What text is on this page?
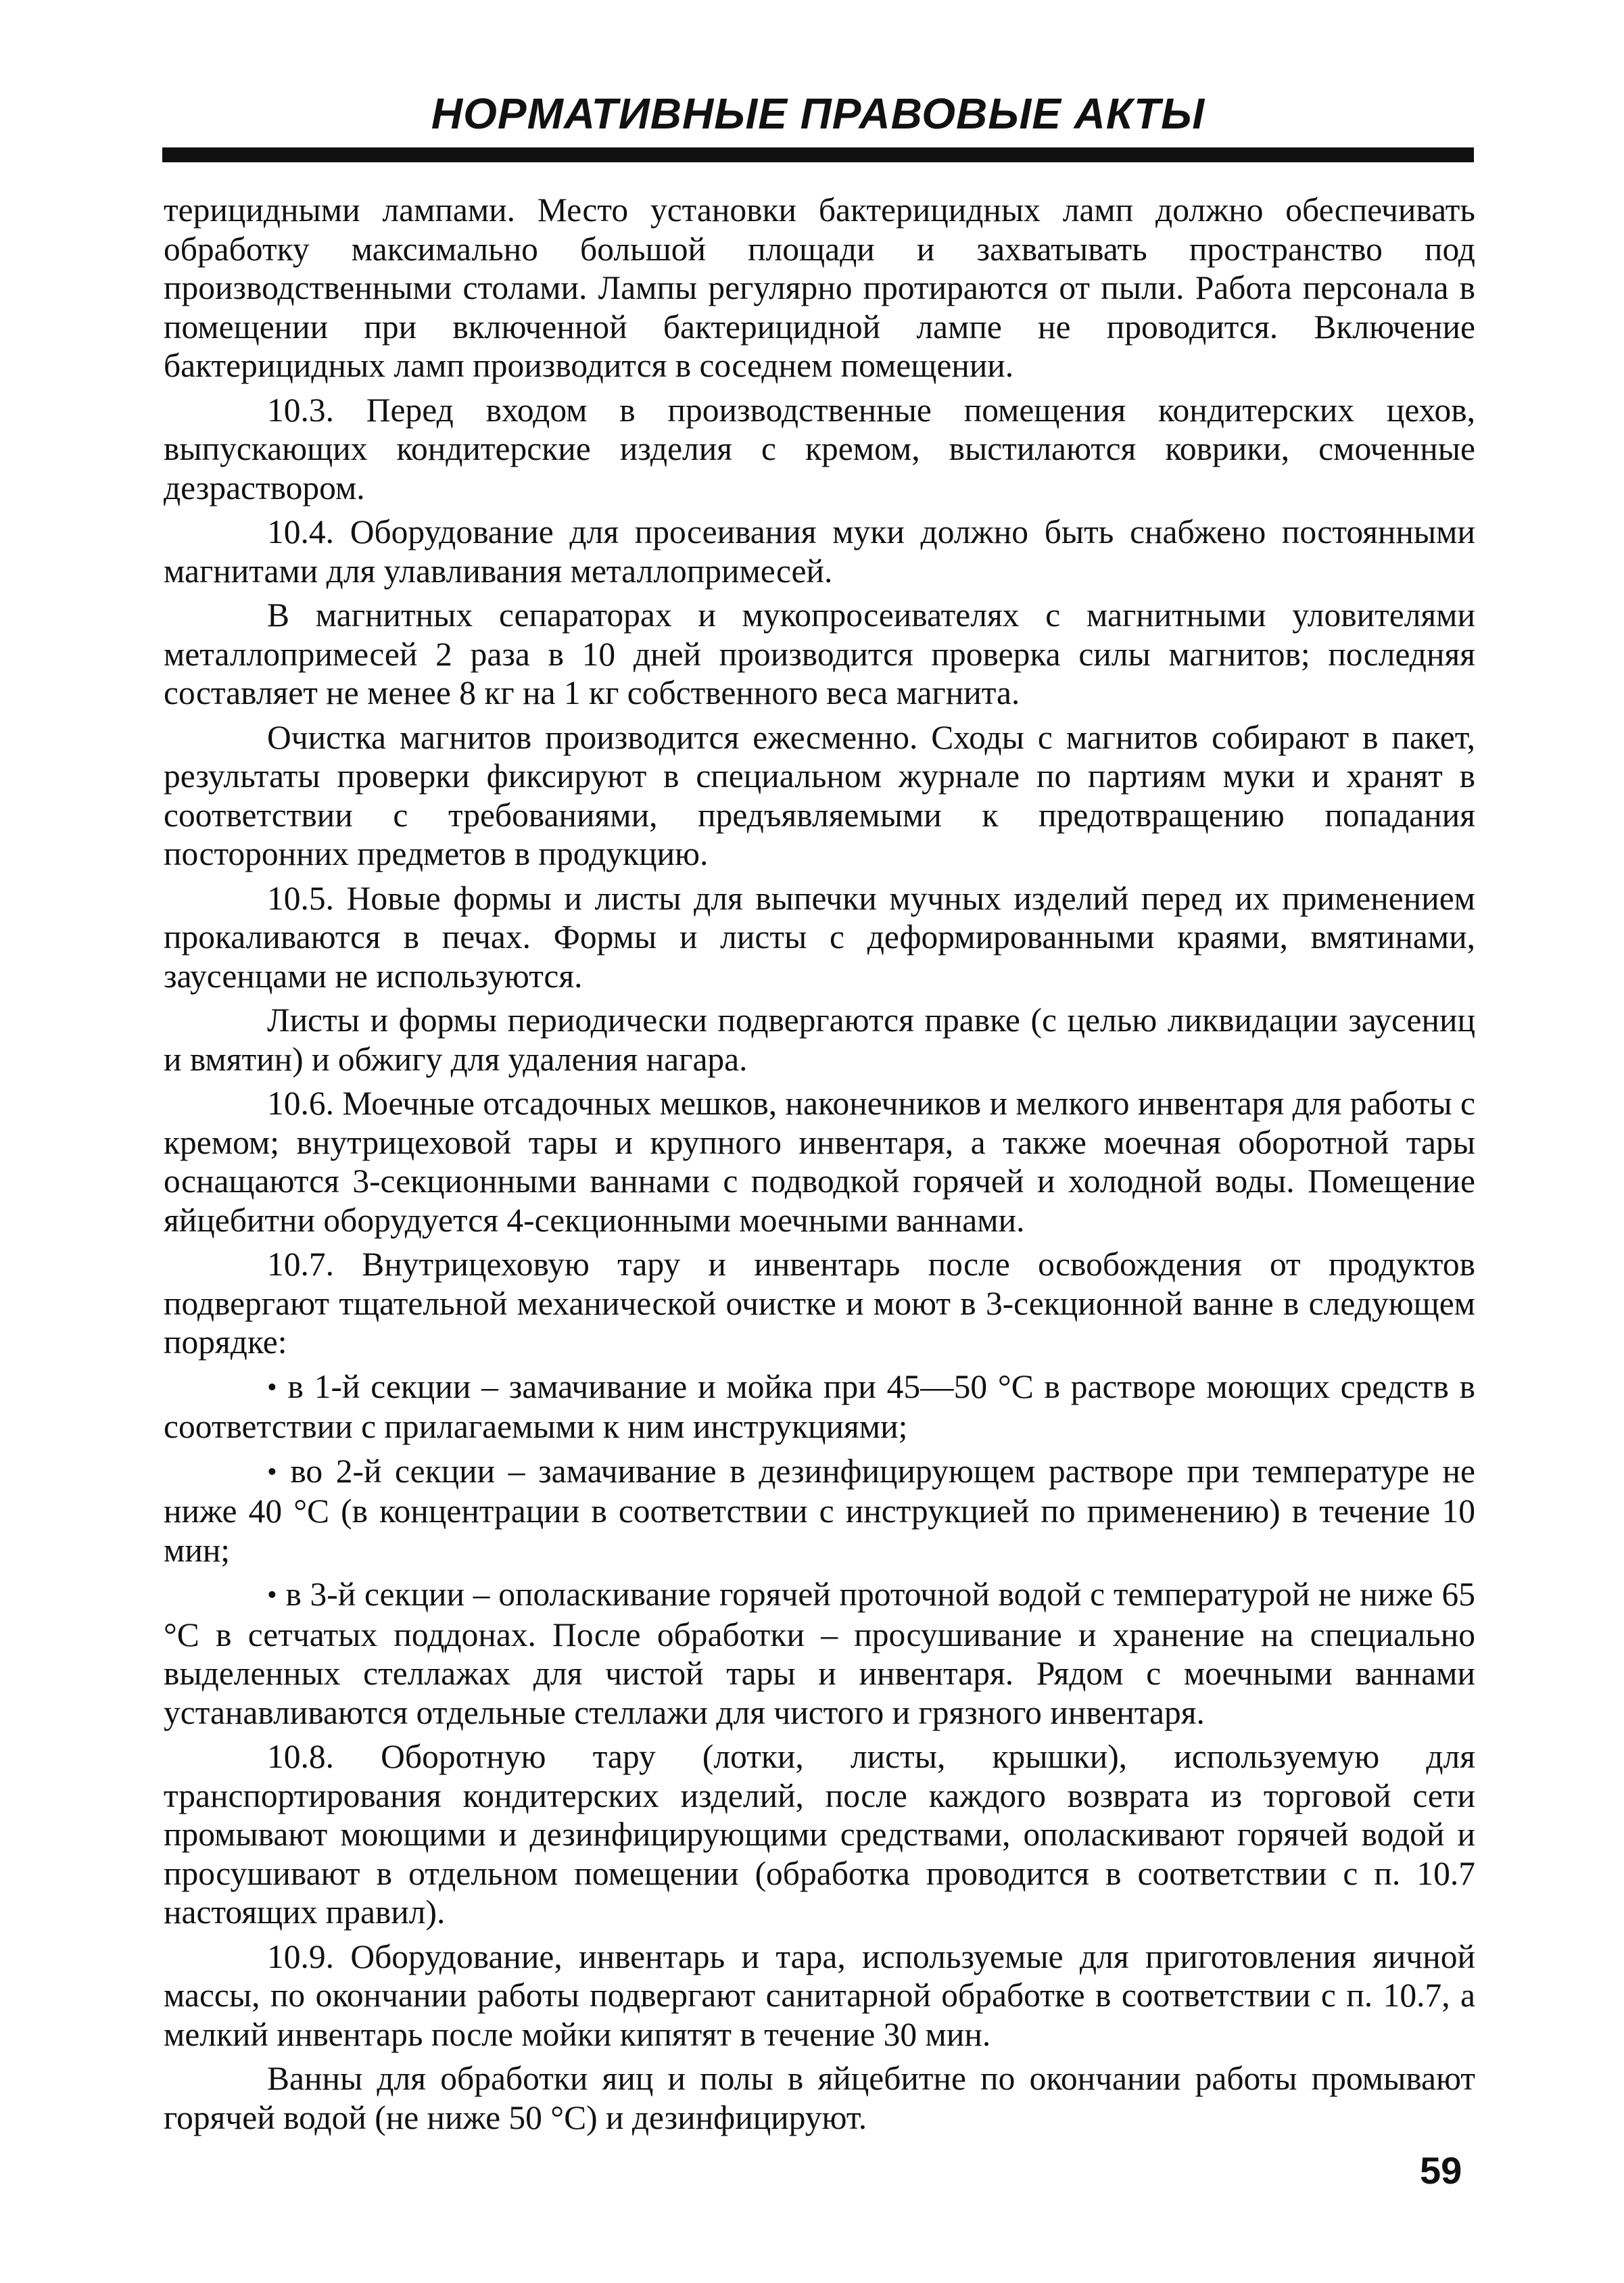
НОРМАТИВНЫЕ ПРАВОВЫЕ АКТЫ

терицидными лампами. Место установки бактерицидных ламп должно обеспечивать обработку максимально большой площади и захватывать пространство под производственными столами. Лампы регулярно протираются от пыли. Работа персонала в помещении при включенной бактерицидной лампе не проводится. Включение бактерицидных ламп производится в соседнем помещении.

10.3. Перед входом в производственные помещения кондитерских цехов, выпускающих кондитерские изделия с кремом, выстилаются коврики, смоченные дезраствором.

10.4. Оборудование для просеивания муки должно быть снабжено постоянными магнитами для улавливания металлопримесей.

В магнитных сепараторах и мукопросеивателях с магнитными уловителями металлопримесей 2 раза в 10 дней производится проверка силы магнитов; последняя составляет не менее 8 кг на 1 кг собственного веса магнита.

Очистка магнитов производится ежесменно. Сходы с магнитов собирают в пакет, результаты проверки фиксируют в специальном журнале по партиям муки и хранят в соответствии с требованиями, предъявляемыми к предотвращению попадания посторонних предметов в продукцию.

10.5. Новые формы и листы для выпечки мучных изделий перед их применением прокаливаются в печах. Формы и листы с деформированными краями, вмятинами, заусенцами не используются.

Листы и формы периодически подвергаются правке (с целью ликвидации заусениц и вмятин) и обжигу для удаления нагара.

10.6. Моечные отсадочных мешков, наконечников и мелкого инвентаря для работы с кремом; внутрицеховой тары и крупного инвентаря, а также моечная оборотной тары оснащаются 3-секционными ваннами с подводкой горячей и холодной воды. Помещение яйцебитни оборудуется 4-секционными моечными ваннами.

10.7. Внутрицеховую тару и инвентарь после освобождения от продуктов подвергают тщательной механической очистке и моют в 3-секционной ванне в следующем порядке:

• в 1-й секции – замачивание и мойка при 45—50 °С в растворе моющих средств в соответствии с прилагаемыми к ним инструкциями;

• во 2-й секции – замачивание в дезинфицирующем растворе при температуре не ниже 40 °С (в концентрации в соответствии с инструкцией по применению) в течение 10 мин;

• в 3-й секции – ополаскивание горячей проточной водой с температурой не ниже 65 °С в сетчатых поддонах. После обработки – просушивание и хранение на специально выделенных стеллажах для чистой тары и инвентаря. Рядом с моечными ваннами устанавливаются отдельные стеллажи для чистого и грязного инвентаря.

10.8. Оборотную тару (лотки, листы, крышки), используемую для транспортирования кондитерских изделий, после каждого возврата из торговой сети промывают моющими и дезинфицирующими средствами, ополаскивают горячей водой и просушивают в отдельном помещении (обработка проводится в соответствии с п. 10.7 настоящих правил).

10.9. Оборудование, инвентарь и тара, используемые для приготовления яичной массы, по окончании работы подвергают санитарной обработке в соответствии с п. 10.7, а мелкий инвентарь после мойки кипятят в течение 30 мин.

Ванны для обработки яиц и полы в яйцебитне по окончании работы промывают горячей водой (не ниже 50 °С) и дезинфицируют.

59
